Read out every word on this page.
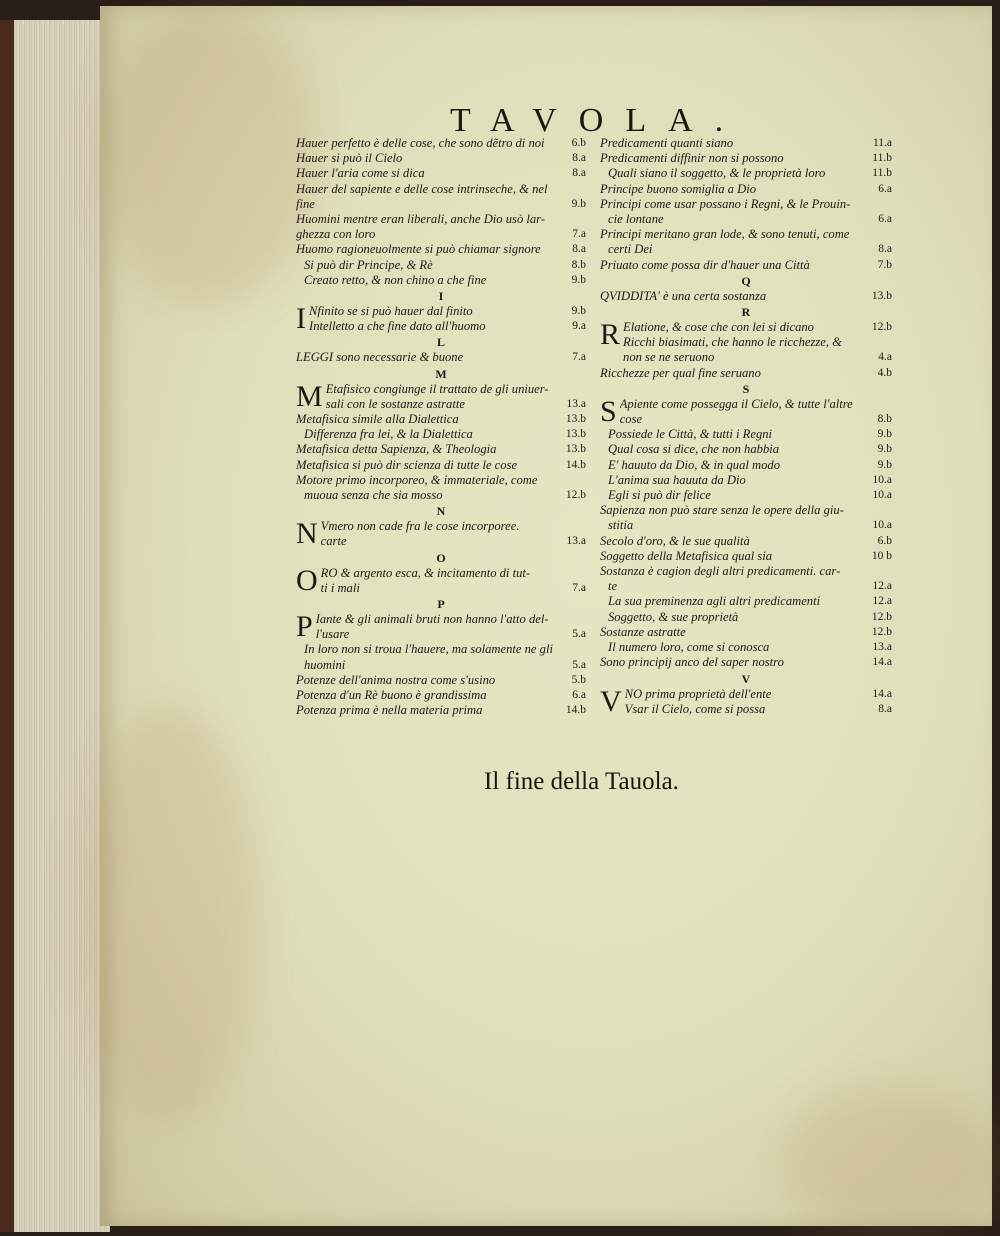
TAVOLA.
Hauer perfetto è delle cose, che sono dẽtro di noi	6.b
Hauer si può il Cielo	8.a
Hauer l'aria come si dica	8.a
Hauer del sapiente e delle cose intrinseche, & nel
fine	9.b
Huomini mentre eran liberali, anche Dio usò lar-
ghezza con loro	7.a
Huomo ragioneuolmente si può chiamar signore	8.a
Si può dir Principe, & Rè	8.b
Creato retto, & non chino a che fine	9.b
I
I Nfinito se si può hauer dal finito	9.b
Intelletto a che fine dato all'huomo	9.a
L
LEGGI sono necessarie & buone	7.a
M
M Etafisico congiunge il trattato de gli uniuer-
sali con le sostanze astratte	13.a
Metafisica simile alla Dialettica	13.b
Differenza fra lei, & la Dialettica	13.b
Metafisica detta Sapienza, & Theologia	13.b
Metafisica si può dir scienza di tutte le cose	14.b
Motore primo incorporeo, & immateriale, come
muoua senza che sia mosso	12.b
N
N Vmero non cade fra le cose incorporee.
carte	13.a
O
O RO & argento esca, & incitamento di tut-
ti i mali	7.a
P
P Iante & gli animali bruti non hanno l'atto del-
l'usare	5.a
In loro non si troua l'hauere, ma solamente ne gli
huomini	5.a
Potenze dell'anima nostra come s'usino	5.b
Potenza d'un Rè buono è grandissima	6.a
Potenza prima è nella materia prima	14.b
Predicamenti quanti siano	11.a
Predicamenti diffinir non si possono	11.b
Quali siano il soggetto, & le proprietà loro	11.b
Principe buono somiglia a Dio	6.a
Principi come usar possano i Regni, & le Prouin-
cie lontane	6.a
Principi meritano gran lode, & sono tenuti, come
certi Dei	8.a
Priuato come possa dir d'hauer una Città	7.b
Q
QVIDDITA' è una certa sostanza	13.b
R
R Elatione, & cose che con lei si dicano	12.b
Ricchi biasimati, che hanno le ricchezze, &
non se ne seruono	4.a
Ricchezze per qual fine seruano	4.b
S
S Apiente come possegga il Cielo, & tutte l'altre
cose	8.b
Possiede le Città, & tutti i Regni	9.b
Qual cosa si dice, che non habbia	9.b
E' hauuto da Dio, & in qual modo	9.b
L'anima sua hauuta da Dio	10.a
Egli si può dir felice	10.a
Sapienza non può stare senza le opere della giu-
stitia	10.a
Secolo d'oro, & le sue qualità	6.b
Soggetto della Metafisica qual sia	10 b
Sostanza è cagion degli altri predicamenti. car-
te	12.a
La sua preminenza agli altri predicamenti	12.a
Soggetto, & sue proprietà	12.b
Sostanze astratte	12.b
Il numero loro, come si conosca	13.a
Sono principij anco del saper nostro	14.a
V
V NO prima proprietà dell'ente	14.a
Vsar il Cielo, come si possa	8.a
Il fine della Tauola.
